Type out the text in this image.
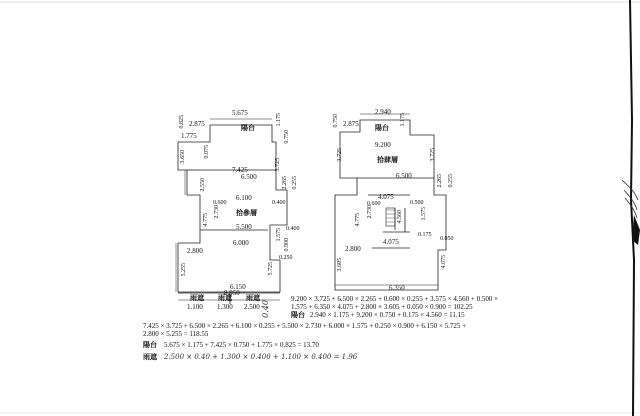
5.675
2.875
0.825	1.175
1.775
陽台
0.750
3.650	0.075
7.425	3.725
6.500	2.265 0.255
2.550
0.600
6.100
0.400
4.775
2.730 拾參層
5.500	0.400
6.000
1.575
2.800	0.900
0.250
5.255	5.725
6.150
雨遮 雨遮 雨遮
8.950
1.100 1.300 2.500 0.40
2.940
0.750 2.875	1.175
陽台
9.200
3.725	拾肆層	3.725
6.500	2.265 0.255
4.075
0.600
4.775
2.730	4.560	1.575
0.500
0.175
0.050
4.075
2.800
3.605	4.075
6.350
9.200 × 3.725 + 6.500 × 2.265 + 0.600 × 0.255 + 3.575 × 4.560 + 0.500 ×
1.575 + 6.350 × 4.075 + 2.800 × 3.605 + 0.050 × 0.900 = 102.25
陽台 2.940 × 1.175 + 9.200 × 0.750 + 0.175 × 4.560 = 11.15
7.425 × 3.725 + 6.500 × 2.265 + 6.100 × 0.255 + 5.500 × 2.730 + 6.000 × 1.575 + 0.250 × 0.900 + 6.150 × 5.725 +
2.800 × 5.255 = 118.55
陽台 5.675 × 1.175 + 7.425 × 0.750 + 1.775 × 0.825 = 13.70
雨遮 2.500 × 0.40 + 1.300 × 0.400 + 1.100 × 0.400 = 1.96
